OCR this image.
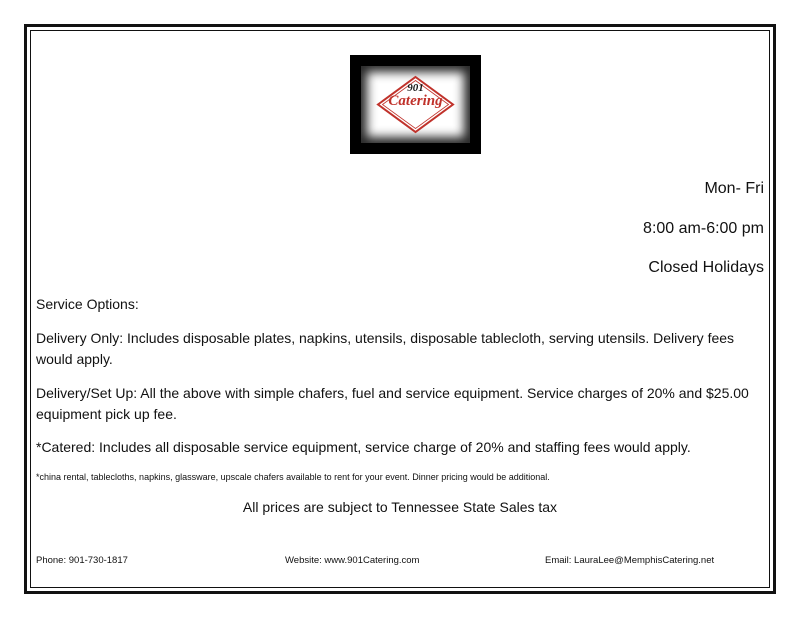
901
Catering
Mon- Fri
8:00 am-6:00 pm
Closed Holidays
Service Options:
Delivery Only: Includes disposable plates, napkins, utensils, disposable tablecloth, serving utensils. Delivery fees would apply.
Delivery/Set Up: All the above with simple chafers, fuel and service equipment. Service charges of 20% and $25.00 equipment pick up fee.
*Catered: Includes all disposable service equipment, service charge of 20% and staffing fees would apply.
*china rental, tablecloths, napkins, glassware, upscale chafers available to rent for your event. Dinner pricing would be additional.
All prices are subject to Tennessee State Sales tax
Phone: 901-730-1817	Website: www.901Catering.com	Email: LauraLee@MemphisCatering.net
